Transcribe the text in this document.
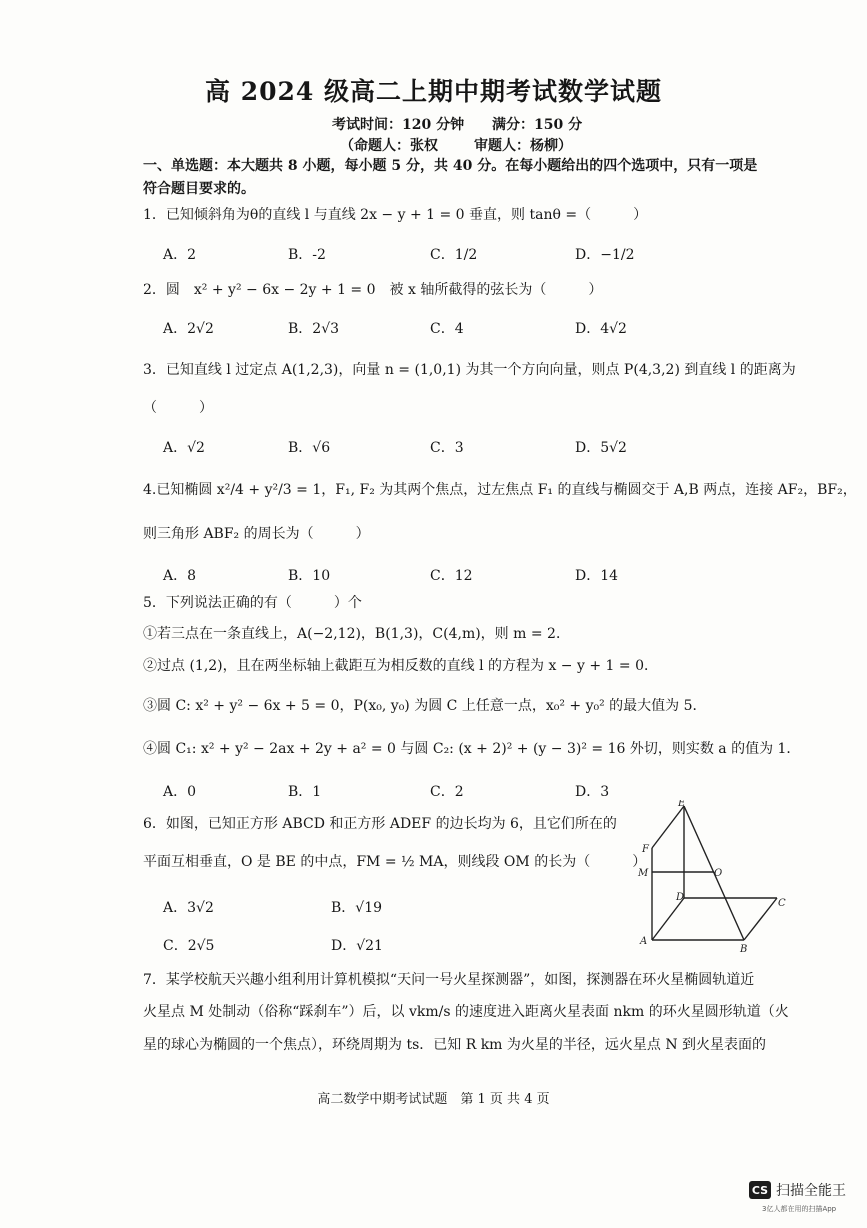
高 2024 级高二上期中期考试数学试题
考试时间：120 分钟 满分：150 分
（命题人：张权	审题人：杨柳）
一、单选题：本大题共 8 小题，每小题 5 分，共 40 分。在每小题给出的四个选项中，只有一项是
符合题目要求的。
1．已知倾斜角为θ的直线 l 与直线 2x − y + 1 = 0 垂直，则 tanθ =（　　　）
A．2	B．-2	C．1/2	D．−1/2
2．圆　x² + y² − 6x − 2y + 1 = 0　被 x 轴所截得的弦长为（　　　）
A．2√2	B．2√3	C．4	D．4√2
3．已知直线 l 过定点 A(1,2,3)，向量 n = (1,0,1) 为其一个方向向量，则点 P(4,3,2) 到直线 l 的距离为
（　　　）
A．√2	B．√6	C．3	D．5√2
4.已知椭圆 x²/4 + y²/3 = 1，F₁, F₂ 为其两个焦点，过左焦点 F₁ 的直线与椭圆交于 A,B 两点，连接 AF₂，BF₂，
则三角形 ABF₂ 的周长为（　　　）
A．8	B．10	C．12	D．14
5．下列说法正确的有（　　　）个
①若三点在一条直线上，A(−2,12)，B(1,3)，C(4,m)，则 m = 2．
②过点 (1,2)，且在两坐标轴上截距互为相反数的直线 l 的方程为 x − y + 1 = 0．
③圆 C: x² + y² − 6x + 5 = 0，P(x₀, y₀) 为圆 C 上任意一点，x₀² + y₀² 的最大值为 5．
④圆 C₁: x² + y² − 2ax + 2y + a² = 0 与圆 C₂: (x + 2)² + (y − 3)² = 16 外切，则实数 a 的值为 1．
A．0	B．1	C．2	D．3
6．如图，已知正方形 ABCD 和正方形 ADEF 的边长均为 6，且它们所在的
平面互相垂直，O 是 BE 的中点，FM = ½ MA，则线段 OM 的长为（　　　）
A．3√2	B．√19
C．2√5	D．√21
E
F
M	O
D
C
A
B
7．某学校航天兴趣小组利用计算机模拟“天问一号火星探测器”，如图，探测器在环火星椭圆轨道近
火星点 M 处制动（俗称“踩刹车”）后，以 vkm/s 的速度进入距离火星表面 nkm 的环火星圆形轨道（火
星的球心为椭圆的一个焦点），环绕周期为 ts．已知 R km 为火星的半径，远火星点 N 到火星表面的
高二数学中期考试试题　第 1 页 共 4 页
CS 扫描全能王
3亿人都在用的扫描App
